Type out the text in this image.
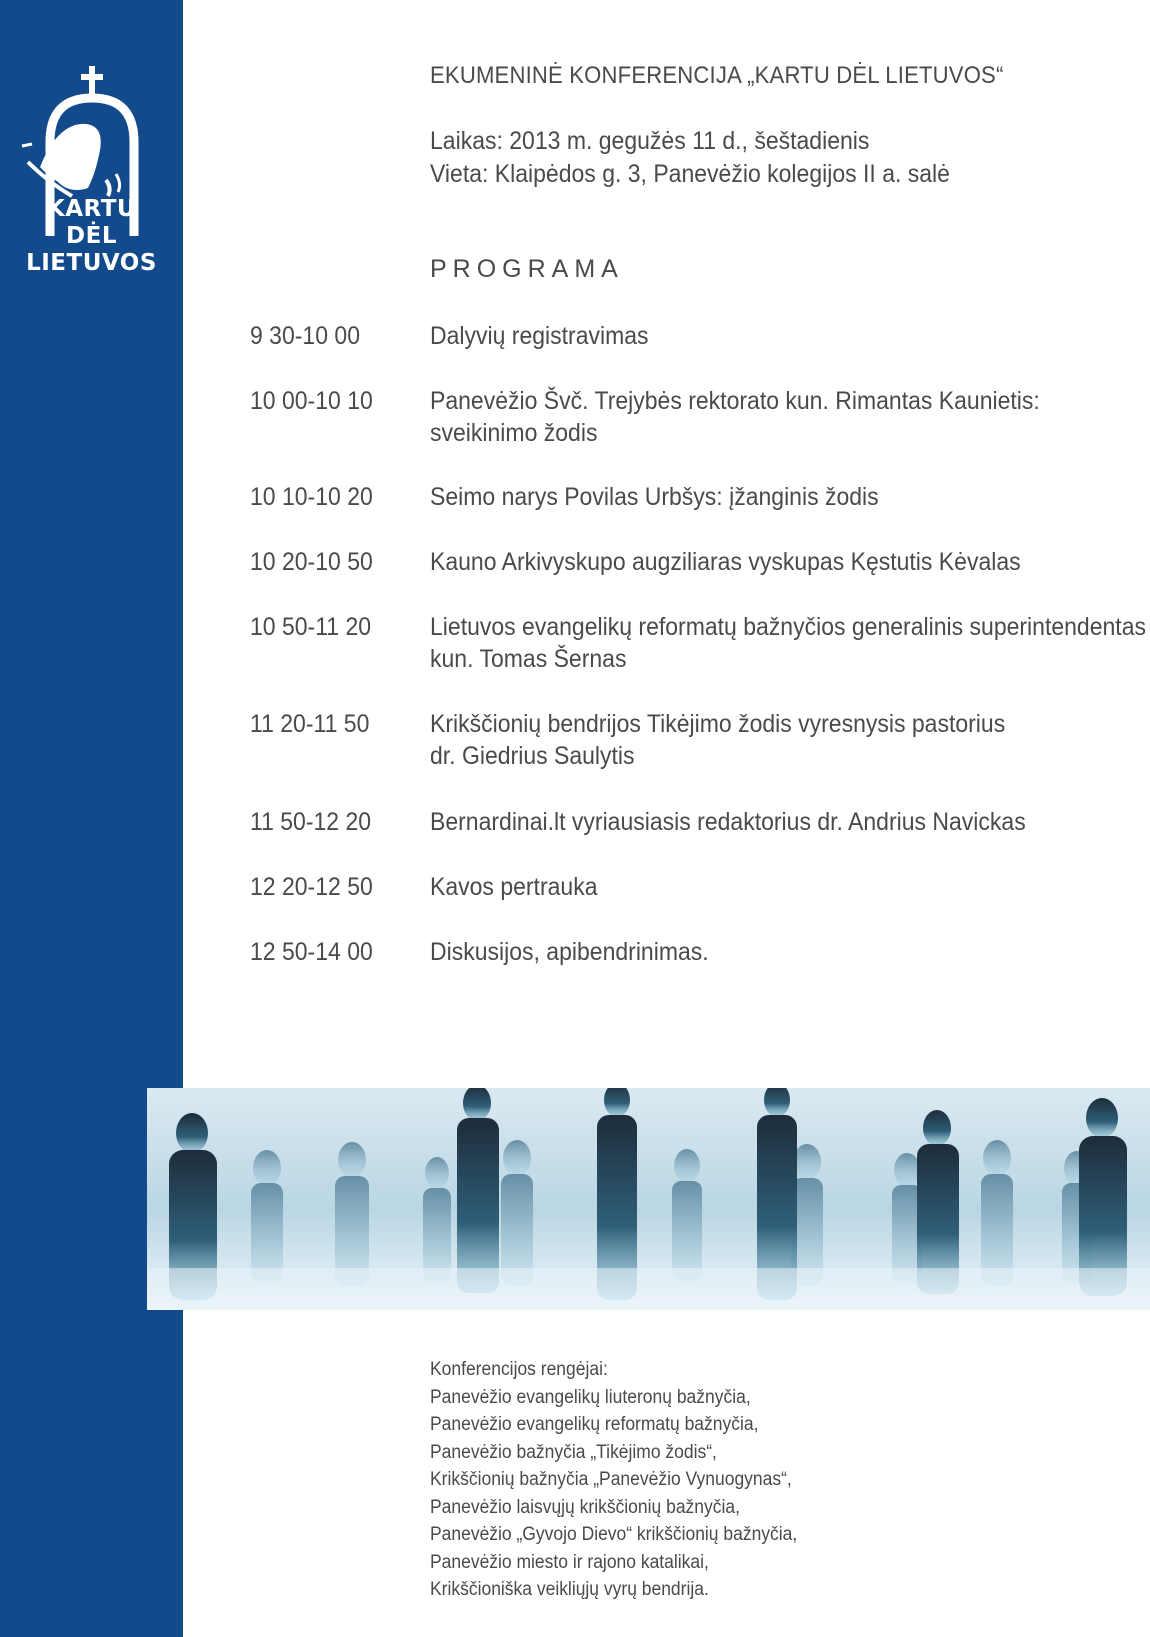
KARTU
DĖL
LIETUVOS
EKUMENINĖ KONFERENCIJA „KARTU DĖL LIETUVOS“
Laikas: 2013 m. gegužės 11 d., šeštadienis
Vieta: Klaipėdos g. 3, Panevėžio kolegijos II a. salė
PROGRAMA
9 30-10 00	Dalyvių registravimas
10 00-10 10 Panevėžio Švč. Trejybės rektorato kun. Rimantas Kaunietis:
sveikinimo žodis
10 10-10 20 Seimo narys Povilas Urbšys: įžanginis žodis
10 20-10 50 Kauno Arkivyskupo augziliaras vyskupas Kęstutis Kėvalas
10 50-11 20 Lietuvos evangelikų reformatų bažnyčios generalinis superintendentas
kun. Tomas Šernas
11 20-11 50 Krikščionių bendrijos Tikėjimo žodis vyresnysis pastorius
dr. Giedrius Saulytis
11 50-12 20 Bernardinai.lt vyriausiasis redaktorius dr. Andrius Navickas
12 20-12 50 Kavos pertrauka
12 50-14 00 Diskusijos, apibendrinimas.
Konferencijos rengėjai:
Panevėžio evangelikų liuteronų bažnyčia,
Panevėžio evangelikų reformatų bažnyčia,
Panevėžio bažnyčia „Tikėjimo žodis“,
Krikščionių bažnyčia „Panevėžio Vynuogynas“,
Panevėžio laisvųjų krikščionių bažnyčia,
Panevėžio „Gyvojo Dievo“ krikščionių bažnyčia,
Panevėžio miesto ir rajono katalikai,
Krikščioniška veikliųjų vyrų bendrija.
